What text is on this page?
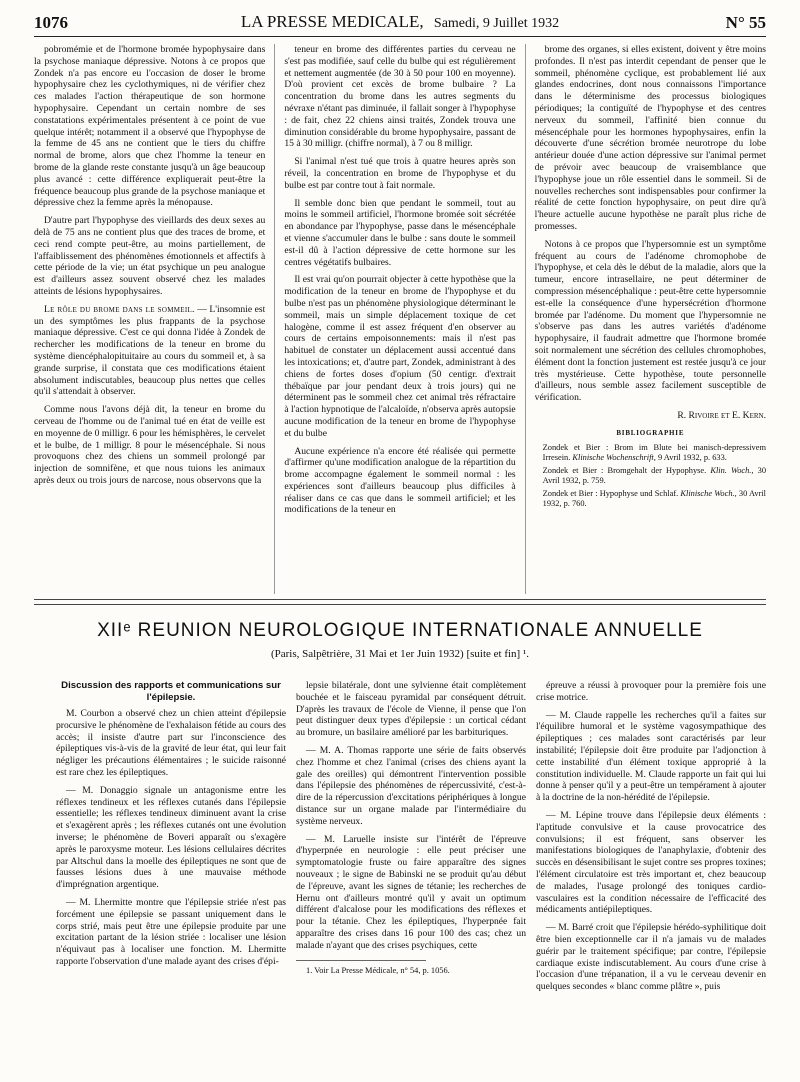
1076	LA PRESSE MEDICALE, Samedi, 9 Juillet 1932	N° 55

pobromémie et de l'hormone bromée hypophysaire dans la psychose maniaque dépressive. Notons à ce propos que Zondek n'a pas encore eu l'occasion de doser le brome hypophysaire chez les cyclothymiques, ni de vérifier chez ces malades l'action thérapeutique de son hormone hypophysaire. Cependant un certain nombre de ses constatations expérimentales présentent à ce point de vue quelque intérêt; notamment il a observé que l'hypophyse de la femme de 45 ans ne contient que le tiers du chiffre normal de brome, alors que chez l'homme la teneur en brome de la glande reste constante jusqu'à un âge beaucoup plus avancé : cette différence expliquerait peut-être la fréquence beaucoup plus grande de la psychose maniaque et dépressive chez la femme après la ménopause.

D'autre part l'hypophyse des vieillards des deux sexes au delà de 75 ans ne contient plus que des traces de brome, et ceci rend compte peut-être, au moins partiellement, de l'affaiblissement des phénomènes émotionnels et affectifs à cette période de la vie; un état psychique un peu analogue est d'ailleurs assez souvent observé chez les malades atteints de lésions hypophysaires.

Le rôle du brome dans le sommeil. — L'insomnie est un des symptômes les plus frappants de la psychose maniaque dépressive. C'est ce qui donna l'idée à Zondek de rechercher les modifications de la teneur en brome du système diencéphalopituitaire au cours du sommeil et, à sa grande surprise, il constata que ces modifications étaient absolument indiscutables, beaucoup plus nettes que celles qu'il s'attendait à observer.

Comme nous l'avons déjà dit, la teneur en brome du cerveau de l'homme ou de l'animal tué en état de veille est en moyenne de 0 milligr. 6 pour les hémisphères, le cervelet et le bulbe, de 1 milligr. 8 pour le mésencéphale. Si nous provoquons chez des chiens un sommeil prolongé par injection de somnifène, et que nous tuions les animaux après deux ou trois jours de narcose, nous observons que la

teneur en brome des différentes parties du cerveau ne s'est pas modifiée, sauf celle du bulbe qui est régulièrement et nettement augmentée (de 30 à 50 pour 100 en moyenne). D'où provient cet excès de brome bulbaire ? La concentration du brome dans les autres segments du névraxe n'étant pas diminuée, il fallait songer à l'hypophyse : de fait, chez 22 chiens ainsi traités, Zondek trouva une diminution considérable du brome hypophysaire, passant de 15 à 30 milligr. (chiffre normal), à 7 ou 8 milligr.

Si l'animal n'est tué que trois à quatre heures après son réveil, la concentration en brome de l'hypophyse et du bulbe est par contre tout à fait normale.

Il semble donc bien que pendant le sommeil, tout au moins le sommeil artificiel, l'hormone bromée soit sécrétée en abondance par l'hypophyse, passe dans le mésencéphale et vienne s'accumuler dans le bulbe : sans doute le sommeil est-il dû à l'action dépressive de cette hormone sur les centres végétatifs bulbaires.

Il est vrai qu'on pourrait objecter à cette hypothèse que la modification de la teneur en brome de l'hypophyse et du bulbe n'est pas un phénomène physiologique déterminant le sommeil, mais un simple déplacement toxique de cet halogène, comme il est assez fréquent d'en observer au cours de certains empoisonnements: mais il n'est pas habituel de constater un déplacement aussi accentué dans les intoxications; et, d'autre part, Zondek, administrant à des chiens de fortes doses d'opium (50 centigr. d'extrait thébaïque par jour pendant deux à trois jours) qui ne déterminent pas le sommeil chez cet animal très réfractaire à l'action hypnotique de l'alcaloïde, n'observa après autopsie aucune modification de la teneur en brome de l'hypophyse et du bulbe

Aucune expérience n'a encore été réalisée qui permette d'affirmer qu'une modification analogue de la répartition du brome accompagne également le sommeil normal : les expériences sont d'ailleurs beaucoup plus difficiles à réaliser dans ce cas que dans le sommeil artificiel; et les modifications de la teneur en

brome des organes, si elles existent, doivent y être moins profondes. Il n'est pas interdit cependant de penser que le sommeil, phénomène cyclique, est probablement lié aux glandes endocrines, dont nous connaissons l'importance dans le déterminisme des processus biologiques périodiques; la contiguïté de l'hypophyse et des centres nerveux du sommeil, l'affinité bien connue du mésencéphale pour les hormones hypophysaires, enfin la découverte d'une sécrétion bromée neurotrope du lobe antérieur douée d'une action dépressive sur l'animal permet de prévoir avec beaucoup de vraisemblance que l'hypophyse joue un rôle essentiel dans le sommeil. Si de nouvelles recherches sont indispensables pour confirmer la réalité de cette fonction hypophysaire, on peut dire qu'à l'heure actuelle aucune hypothèse ne paraît plus riche de promesses.

Notons à ce propos que l'hypersomnie est un symptôme fréquent au cours de l'adénome chromophobe de l'hypophyse, et cela dès le début de la maladie, alors que la tumeur, encore intrasellaire, ne peut déterminer de compression mésencéphalique : peut-être cette hypersomnie est-elle la conséquence d'une hypersécrétion d'hormone bromée par l'adénome. Du moment que l'hypersomnie ne s'observe pas dans les autres variétés d'adénome hypophysaire, il faudrait admettre que l'hormone bromée soit normalement une sécrétion des cellules chromophobes, élément dont la fonction justement est restée jusqu'à ce jour très mystérieuse. Cette hypothèse, toute personnelle d'ailleurs, nous semble assez facilement susceptible de vérification.

R. Rivoire et E. Kern.

BIBLIOGRAPHIE

Zondek et Bier : Brom im Blute bei manisch-depressivem Irresein. Klinische Wochenschrift, 9 Avril 1932, p. 633.

Zondek et Bier : Bromgehalt der Hypophyse. Klin. Woch., 30 Avril 1932, p. 759.

Zondek et Bier : Hypophyse und Schlaf. Klinische Woch., 30 Avril 1932, p. 760.

XIIᵉ REUNION NEUROLOGIQUE INTERNATIONALE ANNUELLE
(Paris, Salpêtrière, 31 Mai et 1er Juin 1932) [suite et fin] ¹.
Discussion des rapports et communications sur l'épilepsie.

M. Courbon a observé chez un chien atteint d'épilepsie procursive le phénomène de l'exhalaison fétide au cours des accès; il insiste d'autre part sur l'inconscience des épileptiques vis-à-vis de la gravité de leur état, qui leur fait négliger les précautions élémentaires ; le suicide raisonné est rare chez les épileptiques.

— M. Donaggio signale un antagonisme entre les réflexes tendineux et les réflexes cutanés dans l'épilepsie essentielle; les réflexes tendineux diminuent avant la crise et s'exagèrent après ; les réflexes cutanés ont une évolution inverse; le phénomène de Boveri apparaît ou s'exagère après le paroxysme moteur. Les lésions cellulaires décrites par Altschul dans la moelle des épileptiques ne sont que de fausses lésions dues à une mauvaise méthode d'imprégnation argentique.

— M. Lhermitte montre que l'épilepsie striée n'est pas forcément une épilepsie se passant uniquement dans le corps strié, mais peut être une épilepsie produite par une excitation partant de la lésion striée : localiser une lésion n'équivaut pas à localiser une fonction. M. Lhermitte rapporte l'observation d'une malade ayant des crises d'épi-

lepsie bilatérale, dont une sylvienne était complètement bouchée et le faisceau pyramidal par conséquent détruit. D'après les travaux de l'école de Vienne, il pense que l'on peut distinguer deux types d'épilepsie : un cortical cédant au bromure, un basilaire amélioré par les barbituriques.

— M. A. Thomas rapporte une série de faits observés chez l'homme et chez l'animal (crises des chiens ayant la gale des oreilles) qui démontrent l'intervention possible dans l'épilepsie des phénomènes de répercussivité, c'est-à-dire de la répercussion d'excitations périphériques à longue distance sur un organe malade par l'intermédiaire du système nerveux.

— M. Laruelle insiste sur l'intérêt de l'épreuve d'hyperpnée en neurologie : elle peut préciser une symptomatologie fruste ou faire apparaître des signes nouveaux ; le signe de Babinski ne se produit qu'au début de l'épreuve, avant les signes de tétanie; les recherches de Hernu ont d'ailleurs montré qu'il y avait un optimum différent d'alcalose pour les modifications des réflexes et pour la tétanie. Chez les épileptiques, l'hyperpnée fait apparaître des crises dans 16 pour 100 des cas; chez un malade n'ayant que des crises psychiques, cette

1. Voir La Presse Médicale, n° 54, p. 1056.

épreuve a réussi à provoquer pour la première fois une crise motrice.

— M. Claude rappelle les recherches qu'il a faites sur l'équilibre humoral et le système vagosympathique des épileptiques ; ces malades sont caractérisés par leur instabilité; l'épilepsie doit être produite par l'adjonction à cette instabilité d'un élément toxique approprié à la constitution individuelle. M. Claude rapporte un fait qui lui donne à penser qu'il y a peut-être un tempérament à ajouter à la doctrine de la non-hérédité de l'épilepsie.

— M. Lépine trouve dans l'épilepsie deux éléments : l'aptitude convulsive et la cause provocatrice des convulsions; il est fréquent, sans observer les manifestations biologiques de l'anaphylaxie, d'obtenir des succès en désensibilisant le sujet contre ses propres toxines; l'élément circulatoire est très important et, chez beaucoup de malades, l'usage prolongé des toniques cardio-vasculaires est la condition nécessaire de l'efficacité des médicaments antiépileptiques.

— M. Barré croit que l'épilepsie hérédo-syphilitique doit être bien exceptionnelle car il n'a jamais vu de malades guérir par le traitement spécifique; par contre, l'épilepsie cardiaque existe indiscutablement. Au cours d'une crise à l'occasion d'une trépanation, il a vu le cerveau devenir en quelques secondes « blanc comme plâtre », puis
